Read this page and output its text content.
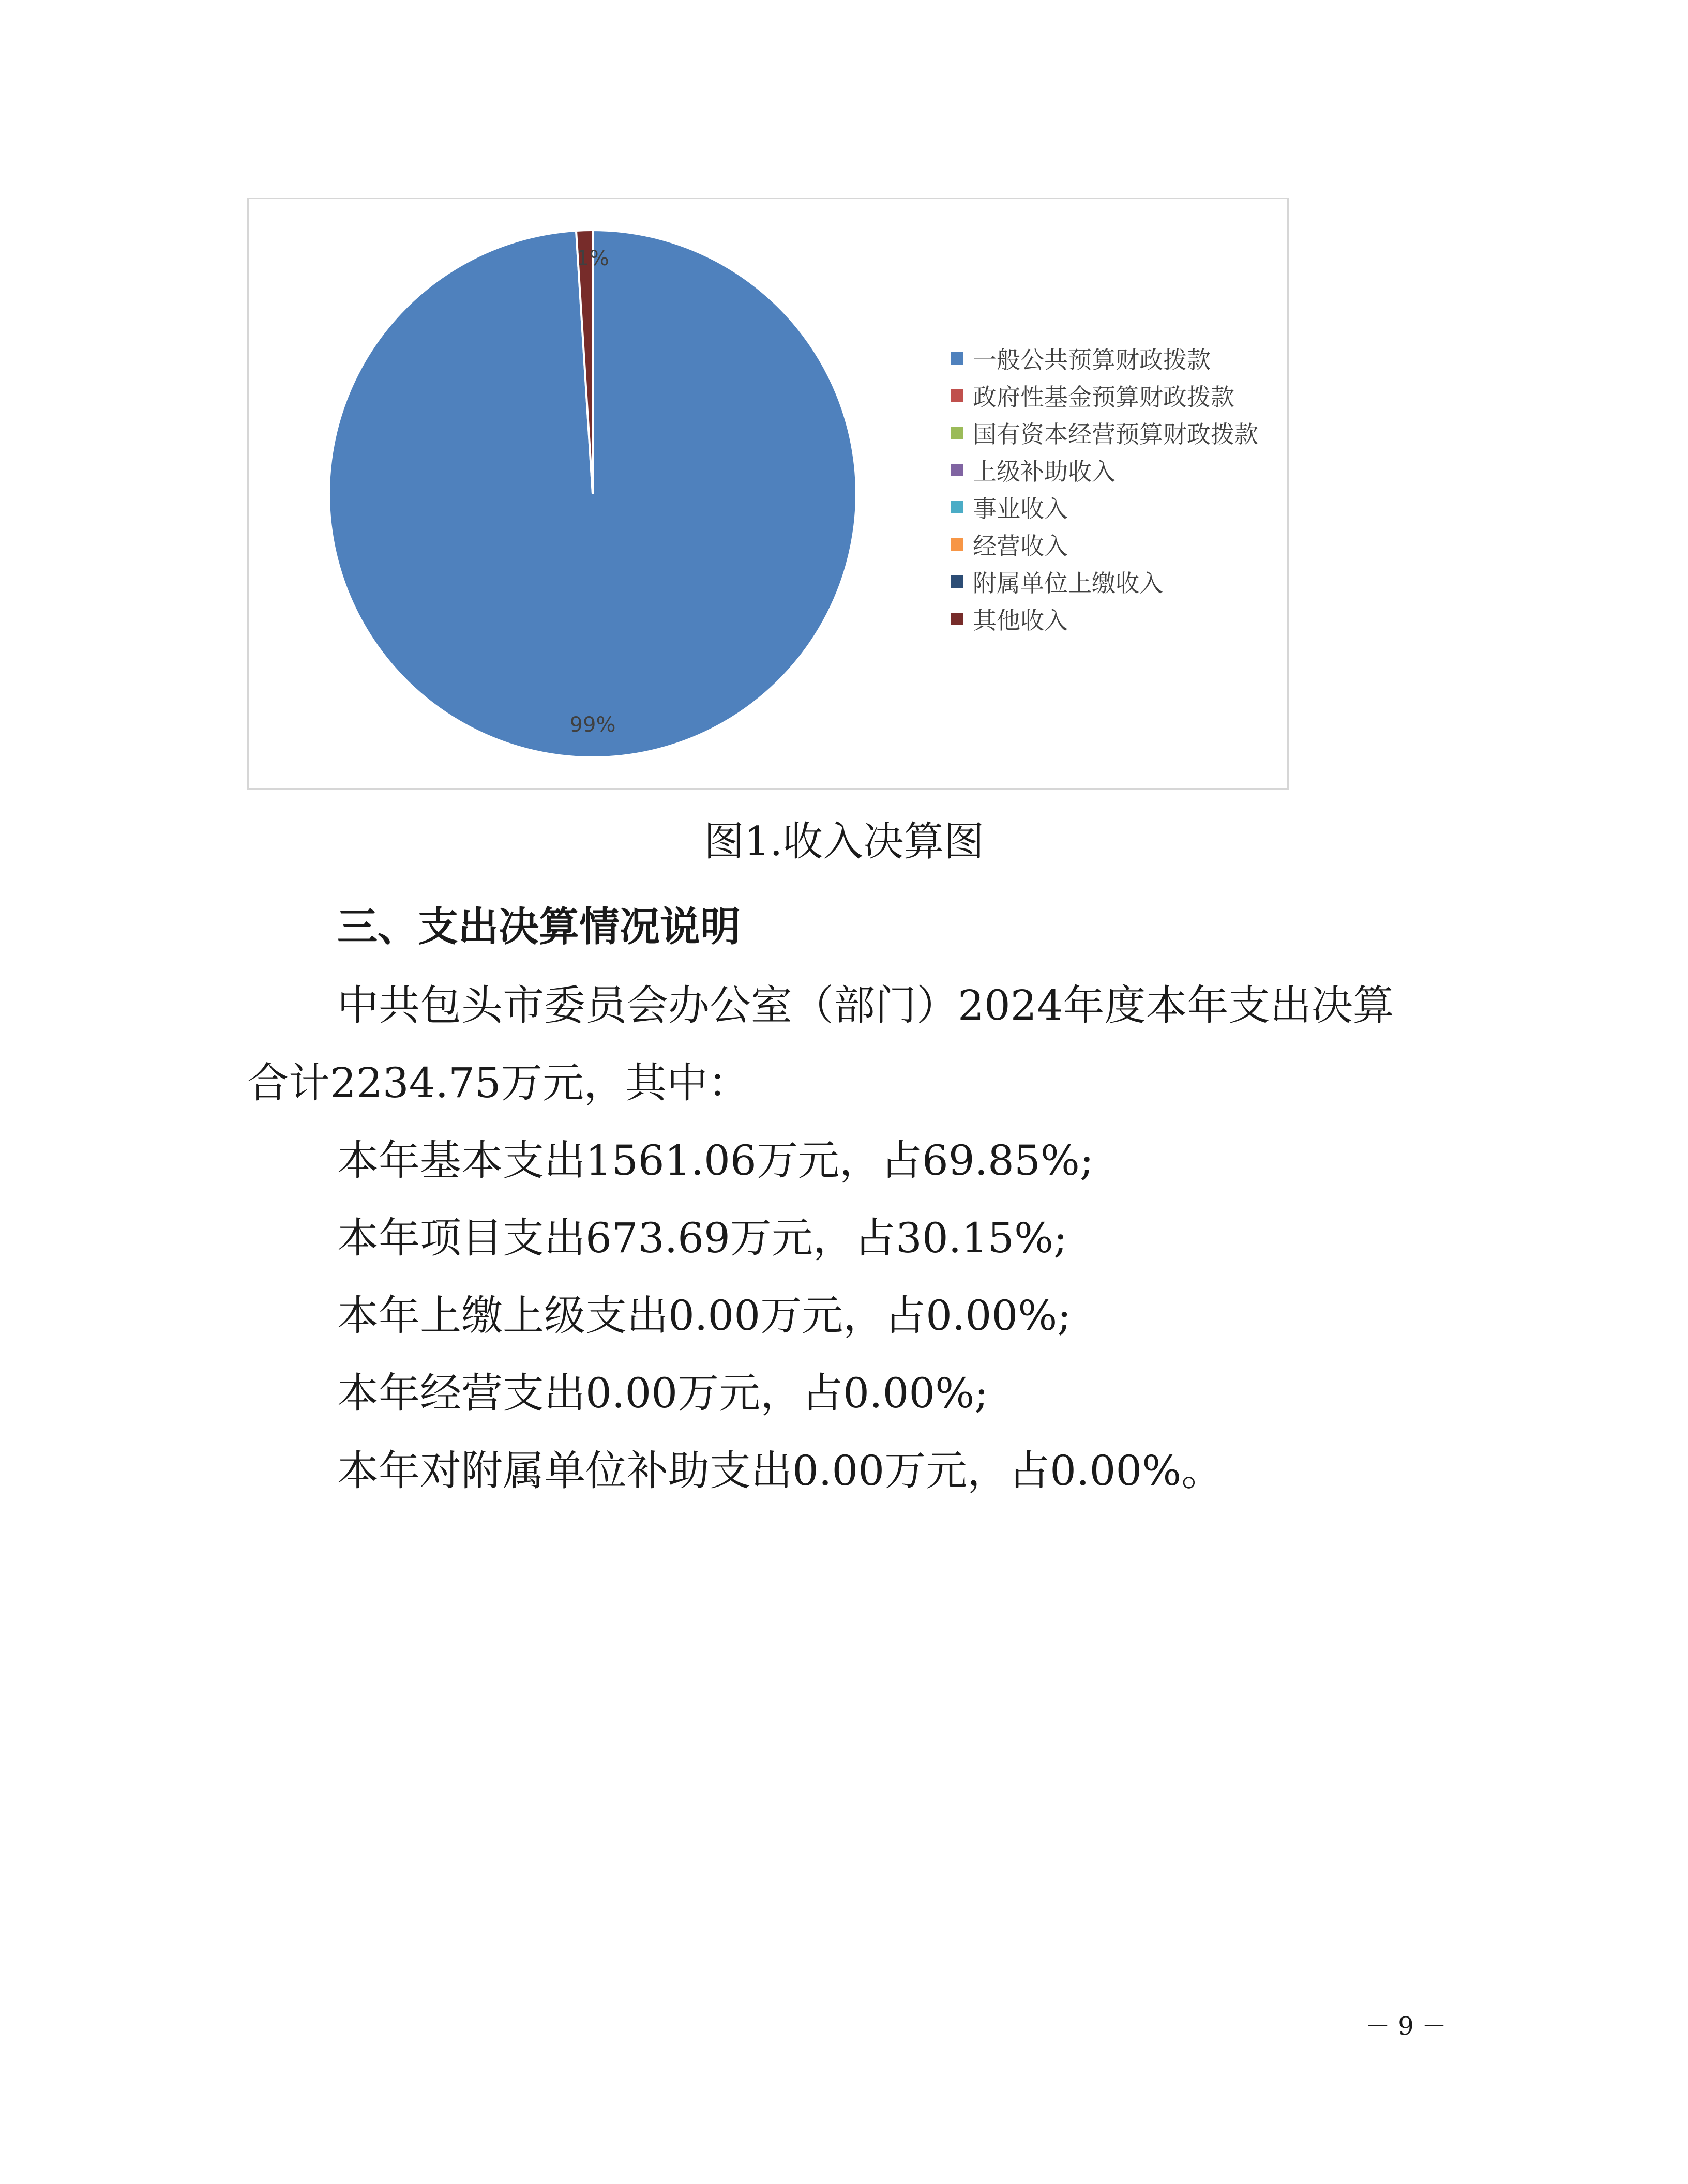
99%
1%
一般公共预算财政拨款
政府性基金预算财政拨款
国有资本经营预算财政拨款
上级补助收入
事业收入
经营收入
附属单位上缴收入
其他收入
图1.收入决算图
三、支出决算情况说明
中共包头市委员会办公室（部门）2024年度本年支出决算
合计2234.75万元，其中：
本年基本支出1561.06万元，占69.85%;
本年项目支出673.69万元，占30.15%;
本年上缴上级支出0.00万元，占0.00%;
本年经营支出0.00万元，占0.00%;
本年对附属单位补助支出0.00万元，占0.00%。
－ 9 －
